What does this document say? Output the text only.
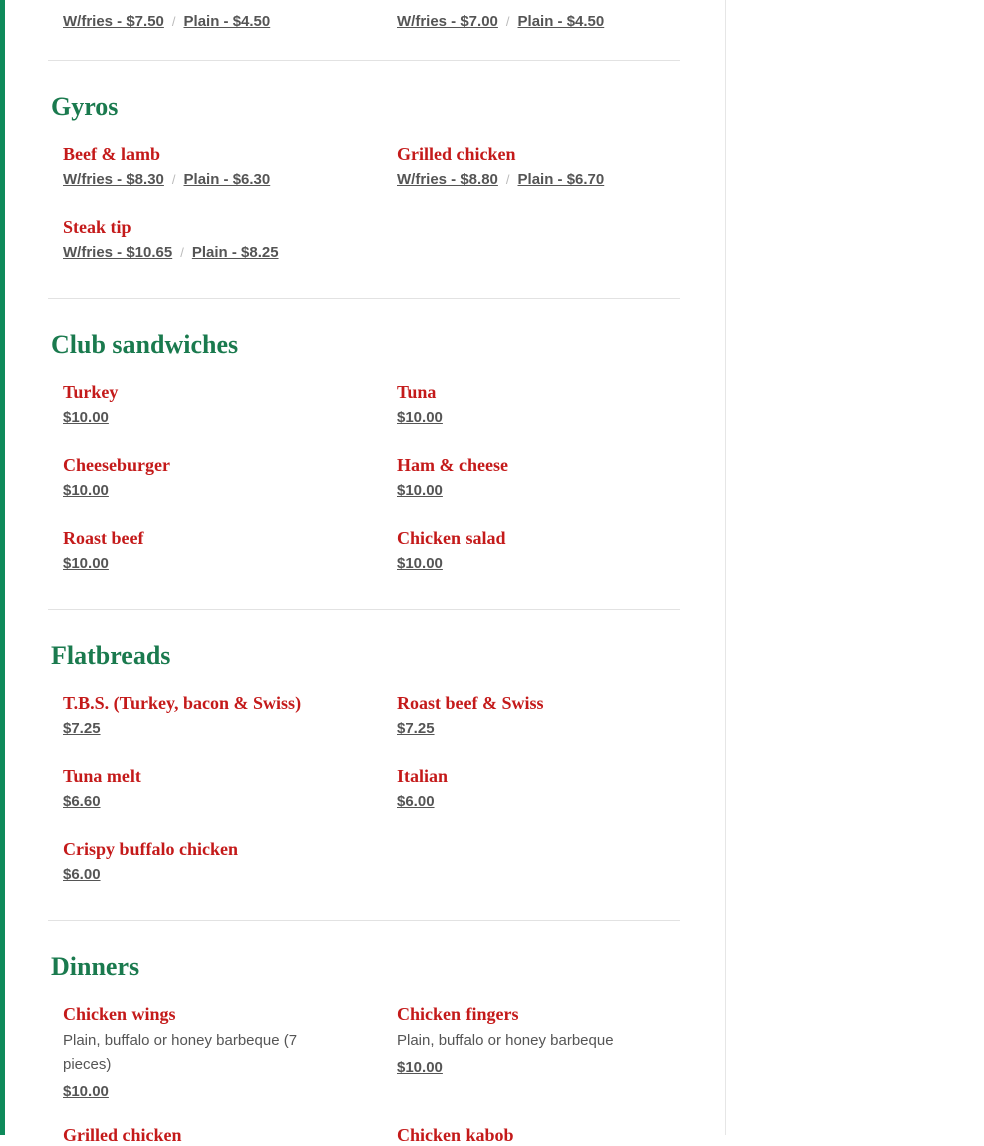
W/fries - $7.50 / Plain - $4.50	W/fries - $7.00 / Plain - $4.50
Gyros
Beef & lamb
W/fries - $8.30 / Plain - $6.30
Grilled chicken
W/fries - $8.80 / Plain - $6.70
Steak tip
W/fries - $10.65 / Plain - $8.25
Club sandwiches
Turkey
$10.00
Tuna
$10.00
Cheeseburger
$10.00
Ham & cheese
$10.00
Roast beef
$10.00
Chicken salad
$10.00
Flatbreads
T.B.S. (Turkey, bacon & Swiss)
$7.25
Roast beef & Swiss
$7.25
Tuna melt
$6.60
Italian
$6.00
Crispy buffalo chicken
$6.00
Dinners
Chicken wings

Plain, buffalo or honey barbeque (7 pieces)

$10.00
Chicken fingers

Plain, buffalo or honey barbeque

$10.00
Grilled chicken	Chicken kabob
